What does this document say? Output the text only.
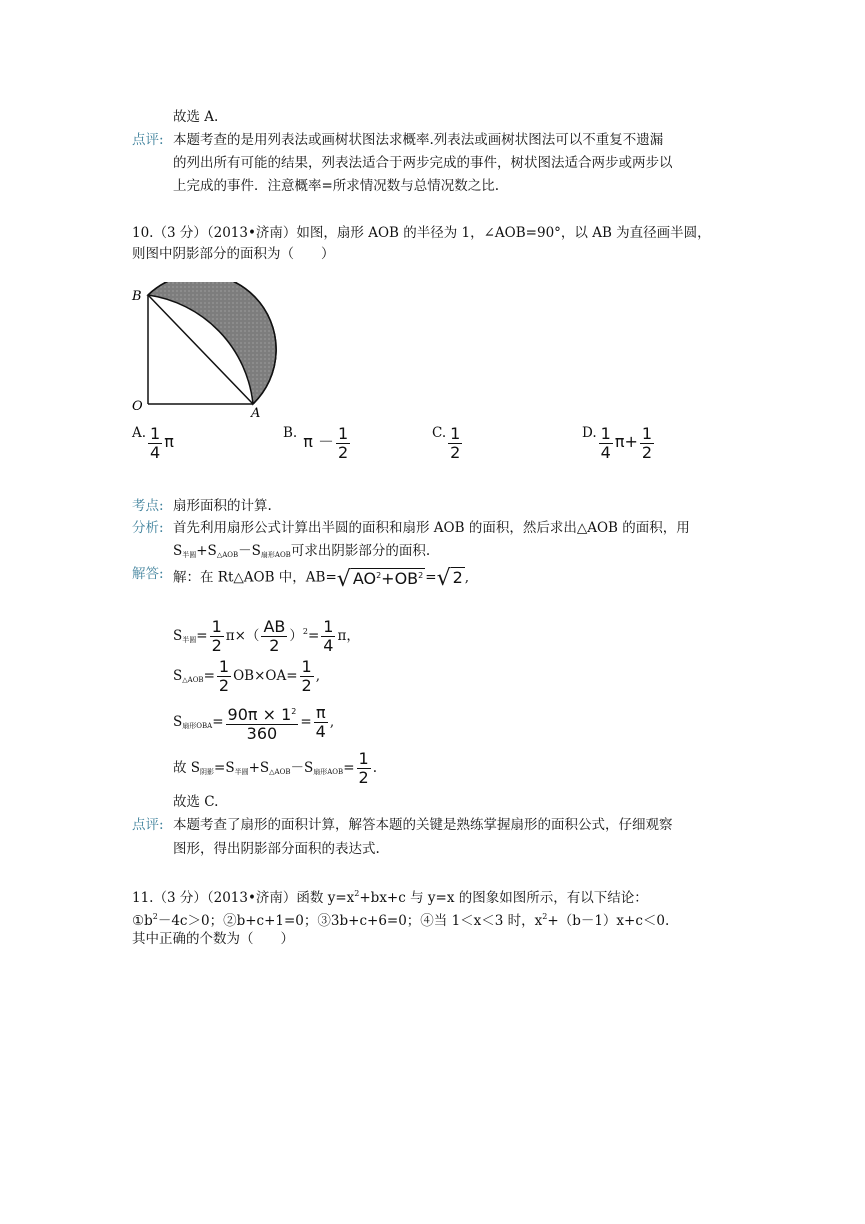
故选 A.
点评: 本题考查的是用列表法或画树状图法求概率.列表法或画树状图法可以不重复不遗漏
的列出所有可能的结果，列表法适合于两步完成的事件，树状图法适合两步或两步以
上完成的事件．注意概率=所求情况数与总情况数之比.
10.（3 分）（2013•济南）如图，扇形 AOB 的半径为 1，∠AOB=90°，以 AB 为直径画半圆，
则图中阴影部分的面积为（　　）
B
O	A
A. $\frac{1}{4}$ π	B. $\pi - \frac{1}{2}$	C. $\frac{1}{2}$	D. $\frac{1}{4} \pi+ \frac{1}{2}$
考点: 扇形面积的计算.
分析: 首先利用扇形公式计算出半圆的面积和扇形 AOB 的面积，然后求出△AOB 的面积，用
$S_{半圆}+S_{\triangle AOB}-S_{扇形AOB}$可求出阴影部分的面积.
解答: 解：在 Rt△AOB 中，AB=√ $AO^2+OB^2$ =√ 2 ,
$S_{半圆}= \frac{1}{2} \pi\times( \frac{AB}{2} )^2= \frac{1}{4}$ π，
$S_{\triangle AOB}= \frac{1}{2} OB\times OA= \frac{1}{2}$ ,
$S_{扇形OBA}= \frac{90\pi \times 1^2}{360} = \frac{\pi}{4}$ ,
故 $S_{阴影}=S_{半圆}+S_{\triangle AOB}-S_{扇形AOB}= \frac{1}{2}$ .
故选 C.
点评: 本题考查了扇形的面积计算，解答本题的关键是熟练掌握扇形的面积公式，仔细观察
图形，得出阴影部分面积的表达式.
11.（3 分）（2013•济南）函数 $y=x^2+bx+c$ 与 y=x 的图象如图所示，有以下结论：
$①b^2-4c>0$；②b+c+1=0；③3b+c+6=0；④当 1＜x＜3 时，$x^2+(b-1)x+c<0$.
其中正确的个数为（　　）
